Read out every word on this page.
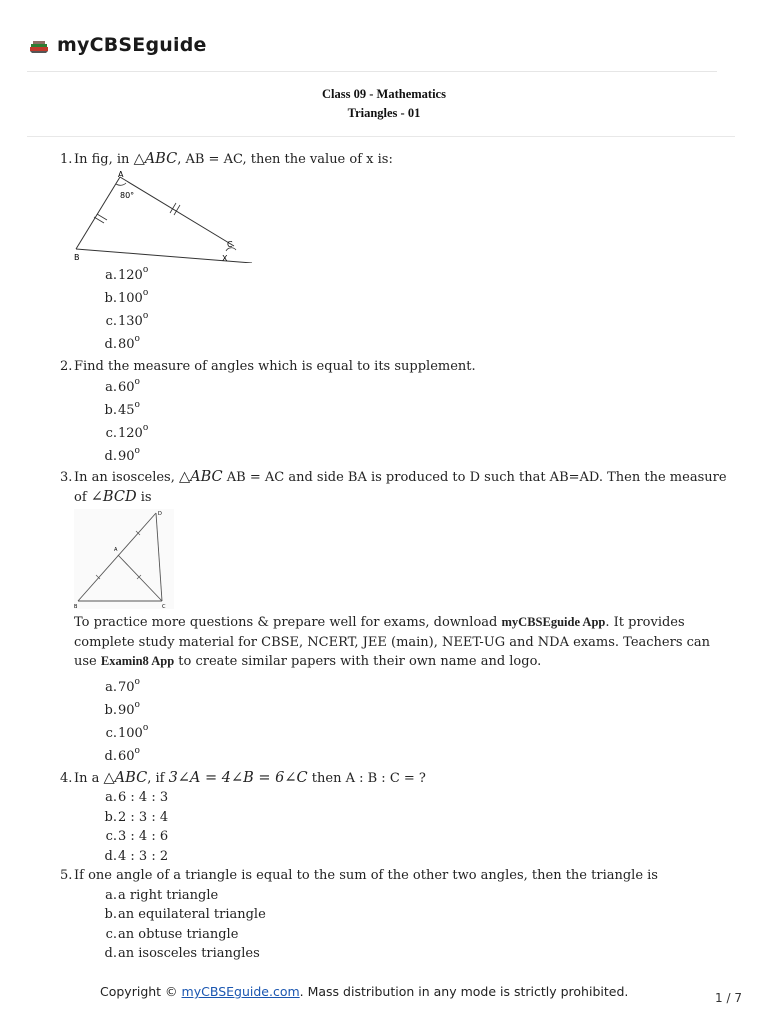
myCBSEguide
Class 09 - Mathematics
Triangles - 01
1. In fig, in △ABC, AB = AC, then the value of x is:
A
B
C
X
80°
a. 120 o
b. 100 o
c. 130 o
d. 80 o
2. Find the measure of angles which is equal to its supplement.
a. 60 o
b. 45 o
c. 120 o
d. 90 o
3. In an isosceles, △ABC AB = AC and side BA is produced to D such that AB=AD. Then the measure of ∠BCD is
D
A
B	C
To practice more questions & prepare well for exams, download myCBSEguide App. It provides complete study material for CBSE, NCERT, JEE (main), NEET-UG and NDA exams. Teachers can use Examin8 App to create similar papers with their own name and logo.
a. 70 o
b. 90 o
c. 100 o
d. 60 o
4. In a △ABC, if 3∠A = 4∠B = 6∠C then A : B : C = ?
a. 6 : 4 : 3
b. 2 : 3 : 4
c. 3 : 4 : 6
d. 4 : 3 : 2
5. If one angle of a triangle is equal to the sum of the other two angles, then the triangle is
a. a right triangle
b. an equilateral triangle
c. an obtuse triangle
d. an isosceles triangles
Copyright © myCBSEguide.com. Mass distribution in any mode is strictly prohibited.	1 / 7
